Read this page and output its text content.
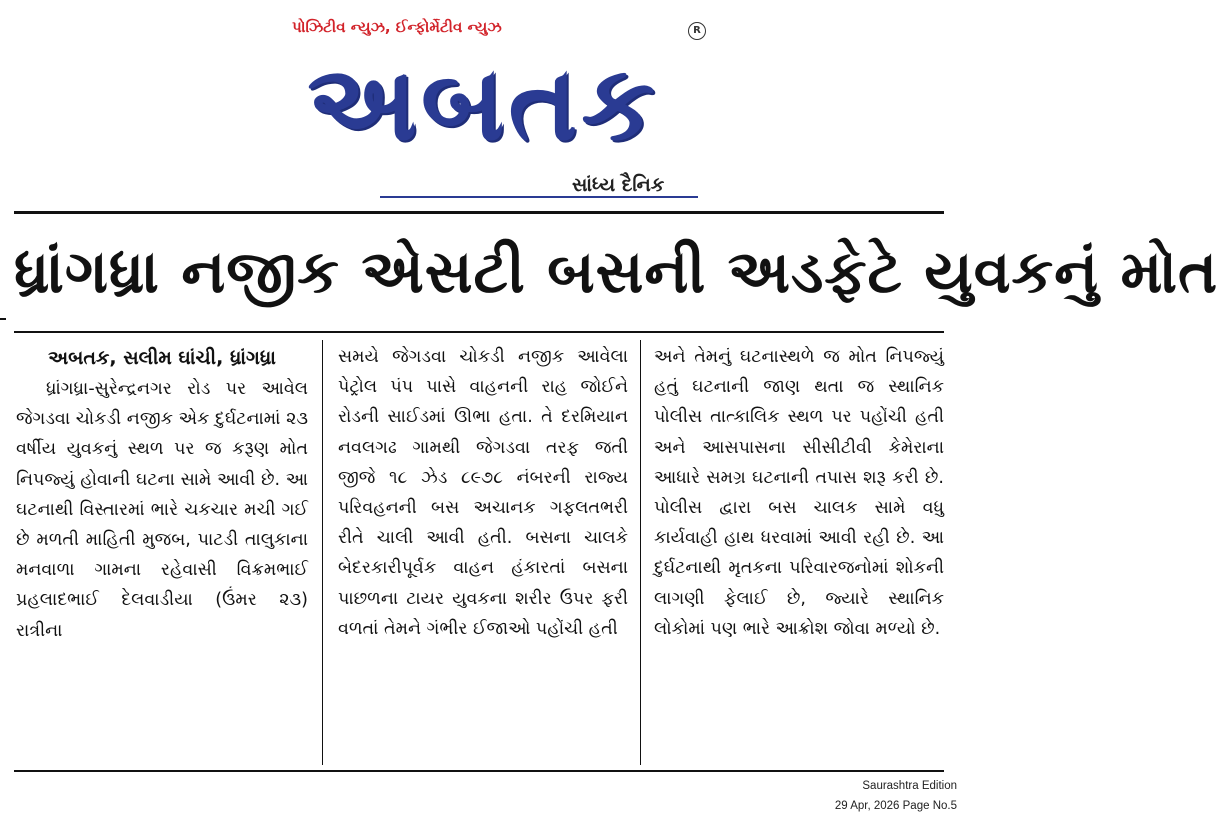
પોઝિટીવ ન્યુઝ, ઈન્ફોર્મેટીવ ન્યુઝ	R
અબતક
સાંધ્ય દૈનિક
ધ્રાંગધ્રા નજીક એસટી બસની અડફેટે યુવકનું મોત
અબતક, સલીમ ઘાંચી, ધ્રાંગધ્રા

ધ્રાંગધ્રા-સુરેન્દ્રનગર રોડ પર આવેલ જેગડવા ચોકડી નજીક એક દુર્ઘટનામાં ૨૩ વર્ષીય યુવકનું સ્થળ પર જ કરૂણ મોત નિપજ્યું હોવાની ઘટના સામે આવી છે. આ ઘટનાથી વિસ્તારમાં ભારે ચકચાર મચી ગઈ છે મળતી માહિતી મુજબ, પાટડી તાલુકાના મનવાળા ગામના રહેવાસી વિક્રમભાઈ પ્રહલાદભાઈ દેલવાડીયા (ઉંમર ૨૩) રાત્રીના

સમયે જેગડવા ચોકડી નજીક આવેલા પેટ્રોલ પંપ પાસે વાહનની રાહ જોઈને રોડની સાઈડમાં ઊભા હતા. તે દરમિયાન નવલગઢ ગામથી જેગડવા તરફ જતી જીજે ૧૮ ઝેડ ૮૯૭૮ નંબરની રાજ્ય પરિવહનની બસ અચાનક ગફલતભરી રીતે ચાલી આવી હતી. બસના ચાલકે બેદરકારીપૂર્વક વાહન હંકારતાં બસના પાછળના ટાયર યુવકના શરીર ઉપર ફરી વળતાં તેમને ગંભીર ઈજાઓ પહોંચી હતી

અને તેમનું ઘટનાસ્થળે જ મોત નિપજ્યું હતું ઘટનાની જાણ થતા જ સ્થાનિક પોલીસ તાત્કાલિક સ્થળ પર પહોંચી હતી અને આસપાસના સીસીટીવી કેમેરાના આધારે સમગ્ર ઘટનાની તપાસ શરૂ કરી છે. પોલીસ દ્વારા બસ ચાલક સામે વધુ કાર્યવાહી હાથ ધરવામાં આવી રહી છે. આ દુર્ઘટનાથી મૃતકના પરિવારજનોમાં શોકની લાગણી ફેલાઈ છે, જ્યારે સ્થાનિક લોકોમાં પણ ભારે આક્રોશ જોવા મળ્યો છે.

Saurashtra Edition
29 Apr, 2026 Page No.5
